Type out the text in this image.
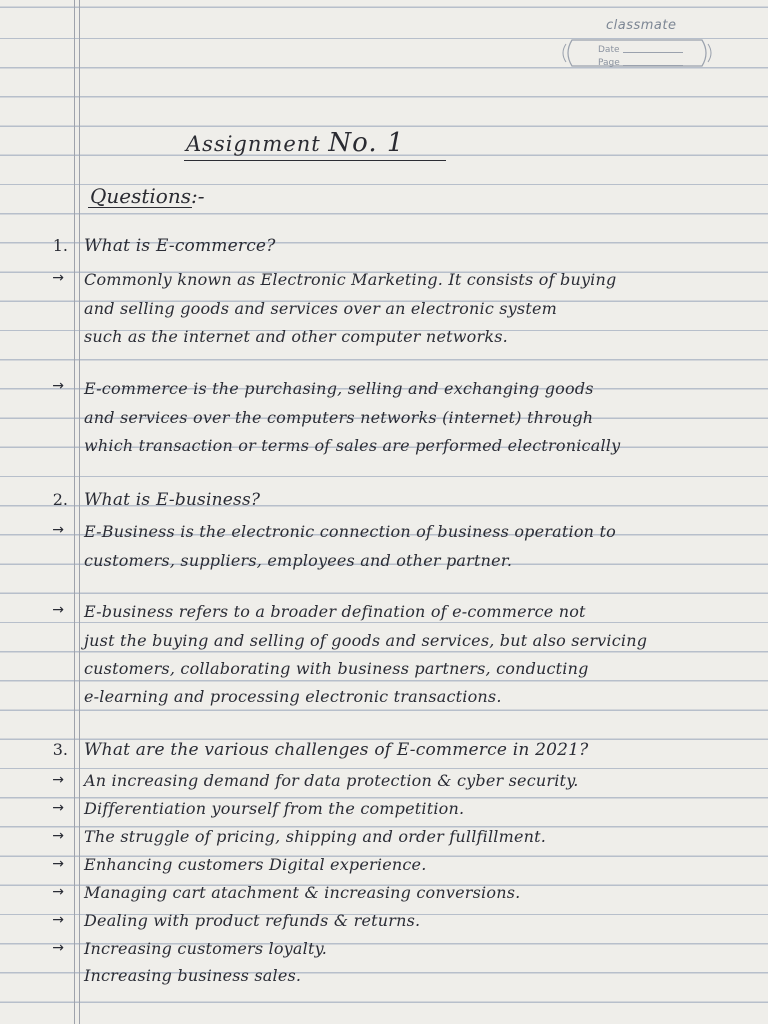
classmate
Date
Page
Assignment No. 1
Questions:-
1. What is E-commerce?
→ Commonly known as Electronic Marketing. It consists of buying
and selling goods and services over an electronic system
such as the internet and other computer networks.
→ E-commerce is the purchasing, selling and exchanging goods
and services over the computers networks (internet) through
which transaction or terms of sales are performed electronically
2. What is E-business?
→ E-Business is the electronic connection of business operation to
customers, suppliers, employees and other partner.
→ E-business refers to a broader defination of e-commerce not
just the buying and selling of goods and services, but also servicing
customers, collaborating with business partners, conducting
e-learning and processing electronic transactions.
3. What are the various challenges of E-commerce in 2021?
→ An increasing demand for data protection & cyber security.
→ Differentiation yourself from the competition.
→ The struggle of pricing, shipping and order fullfillment.
→ Enhancing customers Digital experience.
→ Managing cart atachment & increasing conversions.
→ Dealing with product refunds & returns.
→ Increasing customers loyalty.
Increasing business sales.
